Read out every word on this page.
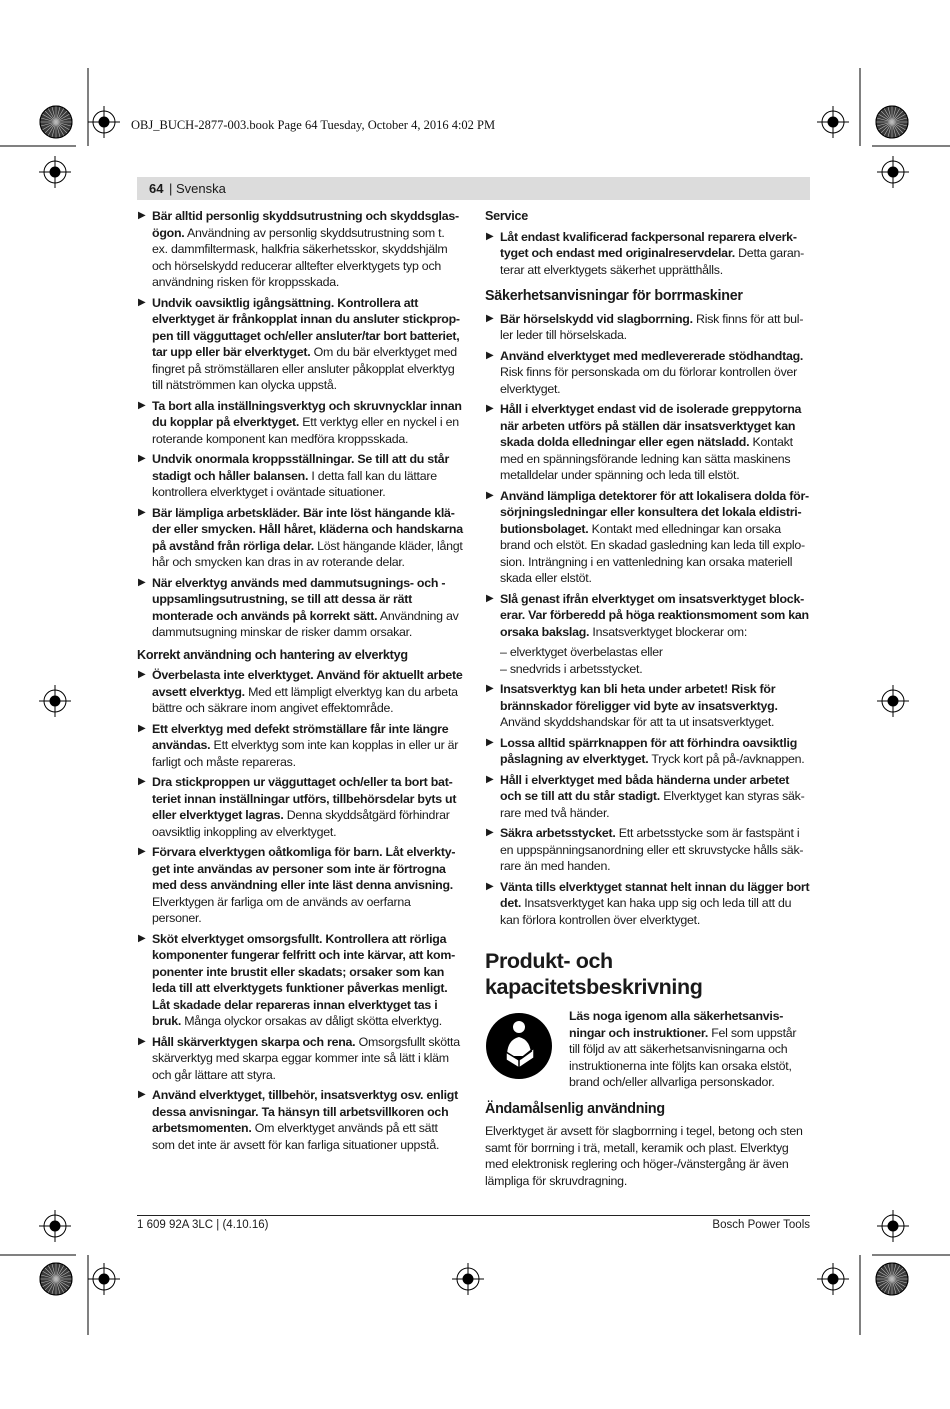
OBJ_BUCH-2877-003.book Page 64 Tuesday, October 4, 2016 4:02 PM
64 | Svenska
▶ Bär alltid personlig skyddsutrustning och skyddsglasögon. Användning av personlig skyddsutrustning som t. ex. dammfiltermask, halkfria säkerhetsskor, skyddshjälm och hörselskydd reducerar alltefter elverktygets typ och användning risken för kroppsskada.
▶ Undvik oavsiktlig igångsättning. Kontrollera att elverktyget är frånkopplat innan du ansluter stickproppen till vägguttaget och/eller ansluter/tar bort batteriet, tar upp eller bär elverktyget. Om du bär elverktyget med fingret på strömställaren eller ansluter påkopplat elverktyg till nätströmmen kan olycka uppstå.
▶ Ta bort alla inställningsverktyg och skruvnycklar innan du kopplar på elverktyget. Ett verktyg eller en nyckel i en roterande komponent kan medföra kroppsskada.
▶ Undvik onormala kroppsställningar. Se till att du står stadigt och håller balansen. I detta fall kan du lättare kontrollera elverktyget i oväntade situationer.
▶ Bär lämpliga arbetskläder. Bär inte löst hängande kläder eller smycken. Håll håret, kläderna och handskarna på avstånd från rörliga delar. Löst hängande kläder, långt hår och smycken kan dras in av roterande delar.
▶ När elverktyg används med dammutsugnings- och -uppsamlingsutrustning, se till att dessa är rätt monterade och används på korrekt sätt. Användning av dammutsugning minskar de risker damm orsakar.
Korrekt användning och hantering av elverktyg
▶ Överbelasta inte elverktyget. Använd för aktuellt arbete avsett elverktyg. Med ett lämpligt elverktyg kan du arbeta bättre och säkrare inom angivet effektområde.
▶ Ett elverktyg med defekt strömställare får inte längre användas. Ett elverktyg som inte kan kopplas in eller ur är farligt och måste repareras.
▶ Dra stickproppen ur vägguttaget och/eller ta bort batteriet innan inställningar utförs, tillbehörsdelar byts ut eller elverktyget lagras. Denna skyddsåtgärd förhindrar oavsiktlig inkoppling av elverktyget.
▶ Förvara elverktygen oåtkomliga för barn. Låt elverktyget inte användas av personer som inte är förtrogna med dess användning eller inte läst denna anvisning. Elverktygen är farliga om de används av oerfarna personer.
▶ Sköt elverktyget omsorgsfullt. Kontrollera att rörliga komponenter fungerar felfritt och inte kärvar, att komponenter inte brustit eller skadats; orsaker som kan leda till att elverktygets funktioner påverkas menligt. Låt skadade delar repareras innan elverktyget tas i bruk. Många olyckor orsakas av dåligt skötta elverktyg.
▶ Håll skärverktygen skarpa och rena. Omsorgsfullt skötta skärverktyg med skarpa eggar kommer inte så lätt i kläm och går lättare att styra.
▶ Använd elverktyget, tillbehör, insatsverktyg osv. enligt dessa anvisningar. Ta hänsyn till arbetsvillkoren och arbetsmomenten. Om elverktyget används på ett sätt som det inte är avsett för kan farliga situationer uppstå.
Service
▶ Låt endast kvalificerad fackpersonal reparera elverktyget och endast med originalreservdelar. Detta garanterar att elverktygets säkerhet upprätthålls.
Säkerhetsanvisningar för borrmaskiner
▶ Bär hörselskydd vid slagborrning. Risk finns för att buller leder till hörselskada.
▶ Använd elverktyget med medlevererade stödhandtag. Risk finns för personskada om du förlorar kontrollen över elverktyget.
▶ Håll i elverktyget endast vid de isolerade greppytorna när arbeten utförs på ställen där insatsverktyget kan skada dolda elledningar eller egen nätsladd. Kontakt med en spänningsförande ledning kan sätta maskinens metalldelar under spänning och leda till elstöt.
▶ Använd lämpliga detektorer för att lokalisera dolda försörjningsledningar eller konsultera det lokala eldistributionsbolaget. Kontakt med elledningar kan orsaka brand och elstöt. En skadad gasledning kan leda till explosion. Inträngning i en vattenledning kan orsaka materiell skada eller elstöt.
▶ Slå genast ifrån elverktyget om insatsverktyget blockerar. Var förberedd på höga reaktionsmoment som kan orsaka bakslag. Insatsverktyget blockerar om:
– elverktyget överbelastas eller
– snedvrids i arbetsstycket.
▶ Insatsverktyg kan bli heta under arbetet! Risk för brännskador föreligger vid byte av insatsverktyg. Använd skyddshandskar för att ta ut insatsverktyget.
▶ Lossa alltid spärrknappen för att förhindra oavsiktlig påslagning av elverktyget. Tryck kort på på-/avknappen.
▶ Håll i elverktyget med båda händerna under arbetet och se till att du står stadigt. Elverktyget kan styras säkrare med två händer.
▶ Säkra arbetsstycket. Ett arbetsstycke som är fastspänt i en uppspänningsanordning eller ett skruvstycke hålls säkrare än med handen.
▶ Vänta tills elverktyget stannat helt innan du lägger bort det. Insatsverktyget kan haka upp sig och leda till att du kan förlora kontrollen över elverktyget.
Produkt- och kapacitetsbeskrivning
Läs noga igenom alla säkerhetsanvisningar och instruktioner. Fel som uppstår till följd av att säkerhetsanvisningarna och instruktionerna inte följts kan orsaka elstöt, brand och/eller allvarliga personskador.
Ändamålsenlig användning
Elverktyget är avsett för slagborrning i tegel, betong och sten samt för borrning i trä, metall, keramik och plast. Elverktyg med elektronisk reglering och höger-/vänstergång är även lämpliga för skruvdragning.
1 609 92A 3LC | (4.10.16)	Bosch Power Tools
